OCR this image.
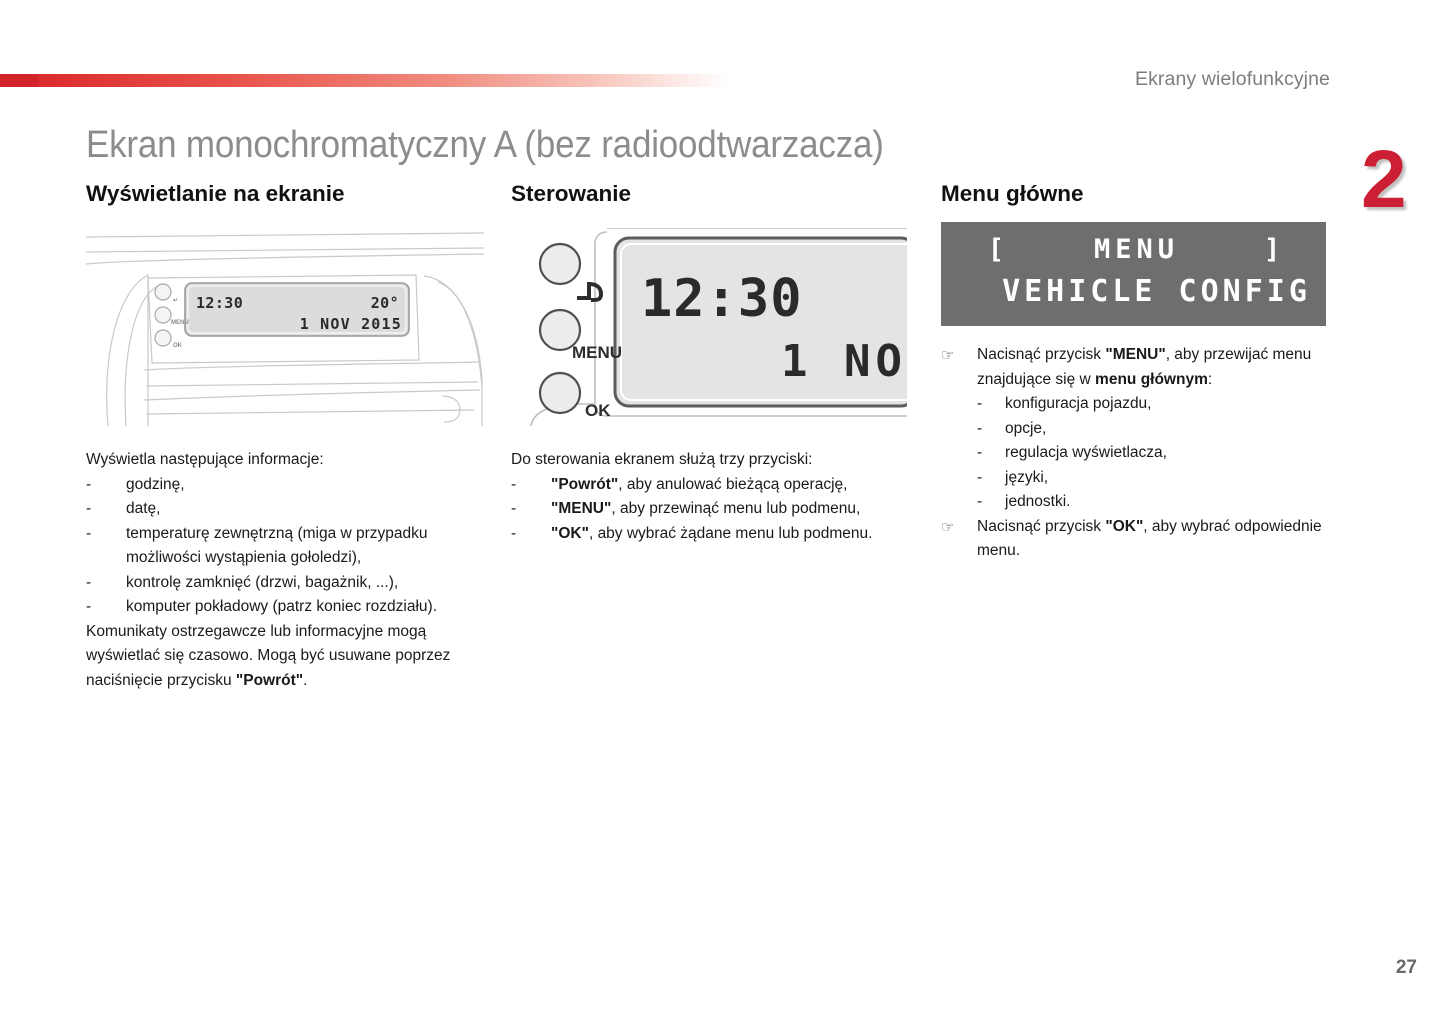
Ekrany wielofunkcyjne
2
Ekran monochromatyczny A (bez radioodtwarzacza)
12:30	20°
1 NOV 2015
↵
MENU
OK
12:30
1 NO
MENU
OK
[    MENU    ]
VEHICLE CONFIG
Wyświetlanie na ekranie

Wyświetla następujące informacje:

- godzinę,
- datę,
- temperaturę zewnętrzną (miga w przypadku możliwości wystąpienia gołoledzi),
- kontrolę zamknięć (drzwi, bagażnik, ...),
- komputer pokładowy (patrz koniec rozdziału).

Komunikaty ostrzegawcze lub informacyjne mogą wyświetlać się czasowo. Mogą być usuwane poprzez naciśnięcie przycisku "Powrót".

Sterowanie

Do sterowania ekranem służą trzy przyciski:

- "Powrót", aby anulować bieżącą operację,
- "MENU", aby przewinąć menu lub podmenu,
- "OK", aby wybrać żądane menu lub podmenu.
Menu główne
☞ Nacisnąć przycisk "MENU", aby przewijać menu znajdujące się w menu głównym:
- konfiguracja pojazdu,
- opcje,
- regulacja wyświetlacza,
- języki,
- jednostki.
☞ Nacisnąć przycisk "OK", aby wybrać odpowiednie menu.
27
